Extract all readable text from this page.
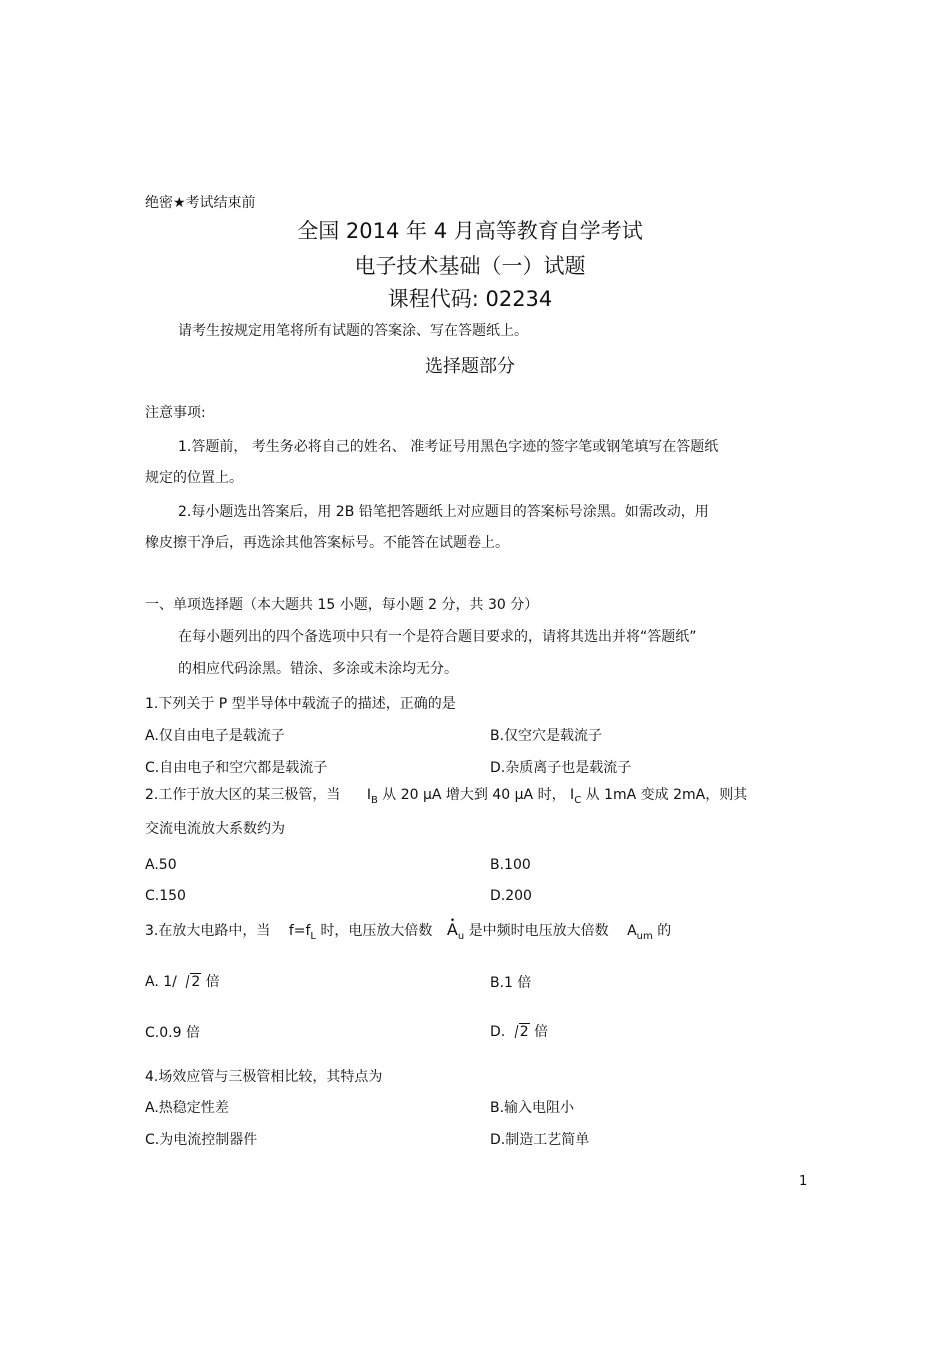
绝密★考试结束前
全国 2014 年 4 月高等教育自学考试
电子技术基础（一）试题
课程代码: 02234
请考生按规定用笔将所有试题的答案涂、写在答题纸上。
选择题部分
注意事项:
1.答题前， 考生务必将自己的姓名、 准考证号用黑色字迹的签字笔或钢笔填写在答题纸
规定的位置上。
2.每小题选出答案后，用 2B 铅笔把答题纸上对应题目的答案标号涂黑。如需改动，用
橡皮擦干净后，再选涂其他答案标号。不能答在试题卷上。
一、单项选择题（本大题共 15 小题，每小题 2 分，共 30 分）
在每小题列出的四个备选项中只有一个是符合题目要求的，请将其选出并将“答题纸”
的相应代码涂黑。错涂、多涂或未涂均无分。
1.下列关于 P 型半导体中载流子的描述，正确的是
A.仅自由电子是载流子	B.仅空穴是载流子
C.自由电子和空穴都是载流子	D.杂质离子也是载流子
2.工作于放大区的某三极管，当 $I_B$ 从 20 μA 增大到 40 μA 时， $I_C$ 从 1mA 变成 2mA，则其
交流电流放大系数约为
A.50	B.100
C.150	D.200
3.在放大电路中，当 $f=f_L$ 时，电压放大倍数 A $•_u$ 是中频时电压放大倍数 $A_{um}$ 的
A. 1/ 2 倍	B.1 倍
C.0.9 倍	D. 2 倍
4.场效应管与三极管相比较，其特点为
A.热稳定性差	B.输入电阻小
C.为电流控制器件	D.制造工艺简单
1
